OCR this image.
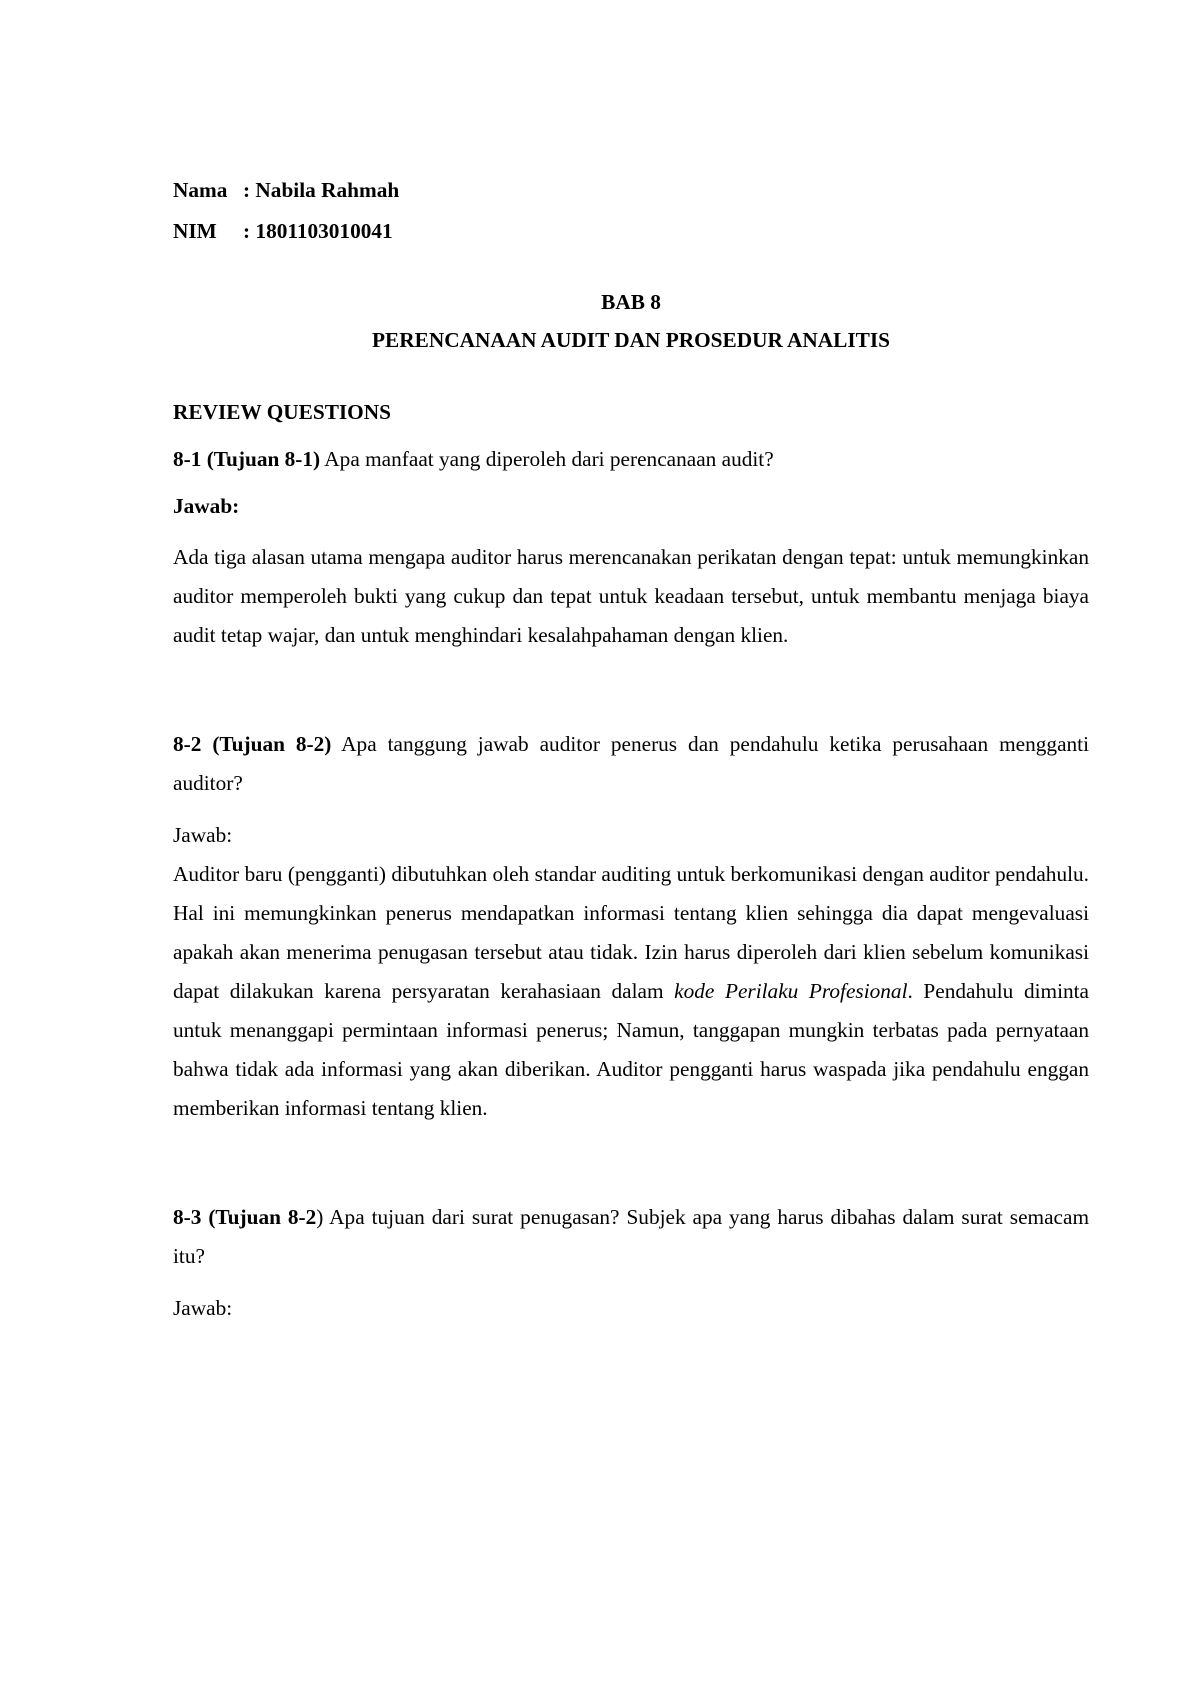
Nama : Nabila Rahmah
NIM	: 1801103010041
BAB 8
PERENCANAAN AUDIT DAN PROSEDUR ANALITIS
REVIEW QUESTIONS

8-1 (Tujuan 8-1) Apa manfaat yang diperoleh dari perencanaan audit?

Jawab:

Ada tiga alasan utama mengapa auditor harus merencanakan perikatan dengan tepat: untuk memungkinkan auditor memperoleh bukti yang cukup dan tepat untuk keadaan tersebut, untuk membantu menjaga biaya audit tetap wajar, dan untuk menghindari kesalahpahaman dengan klien.

8-2 (Tujuan 8-2) Apa tanggung jawab auditor penerus dan pendahulu ketika perusahaan mengganti auditor?

Jawab:

Auditor baru (pengganti) dibutuhkan oleh standar auditing untuk berkomunikasi dengan auditor pendahulu. Hal ini memungkinkan penerus mendapatkan informasi tentang klien sehingga dia dapat mengevaluasi apakah akan menerima penugasan tersebut atau tidak. Izin harus diperoleh dari klien sebelum komunikasi dapat dilakukan karena persyaratan kerahasiaan dalam kode Perilaku Profesional. Pendahulu diminta untuk menanggapi permintaan informasi penerus; Namun, tanggapan mungkin terbatas pada pernyataan bahwa tidak ada informasi yang akan diberikan. Auditor pengganti harus waspada jika pendahulu enggan memberikan informasi tentang klien.

8-3 (Tujuan 8-2) Apa tujuan dari surat penugasan? Subjek apa yang harus dibahas dalam surat semacam itu?

Jawab:
